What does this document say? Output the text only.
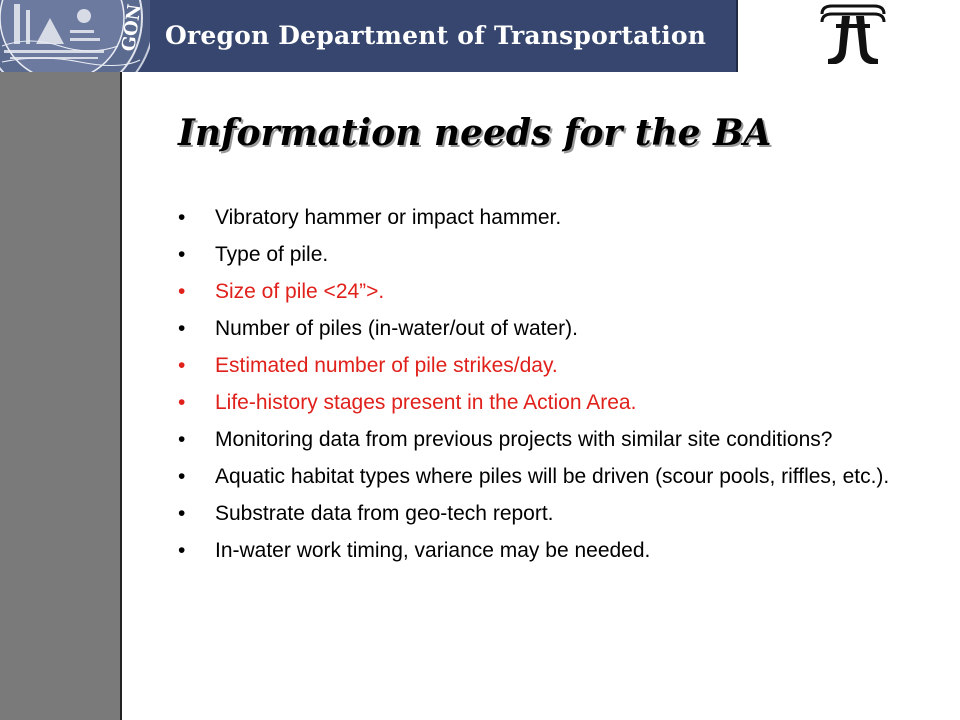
GON Oregon Department of Transportation
Information needs for the BA
• Vibratory hammer or impact hammer.
• Type of pile.
• Size of pile <24”>.
• Number of piles (in-water/out of water).
• Estimated number of pile strikes/day.
• Life-history stages present in the Action Area.
• Monitoring data from previous projects with similar site conditions?
• Aquatic habitat types where piles will be driven (scour pools, riffles, etc.).
• Substrate data from geo-tech report.
• In-water work timing, variance may be needed.
